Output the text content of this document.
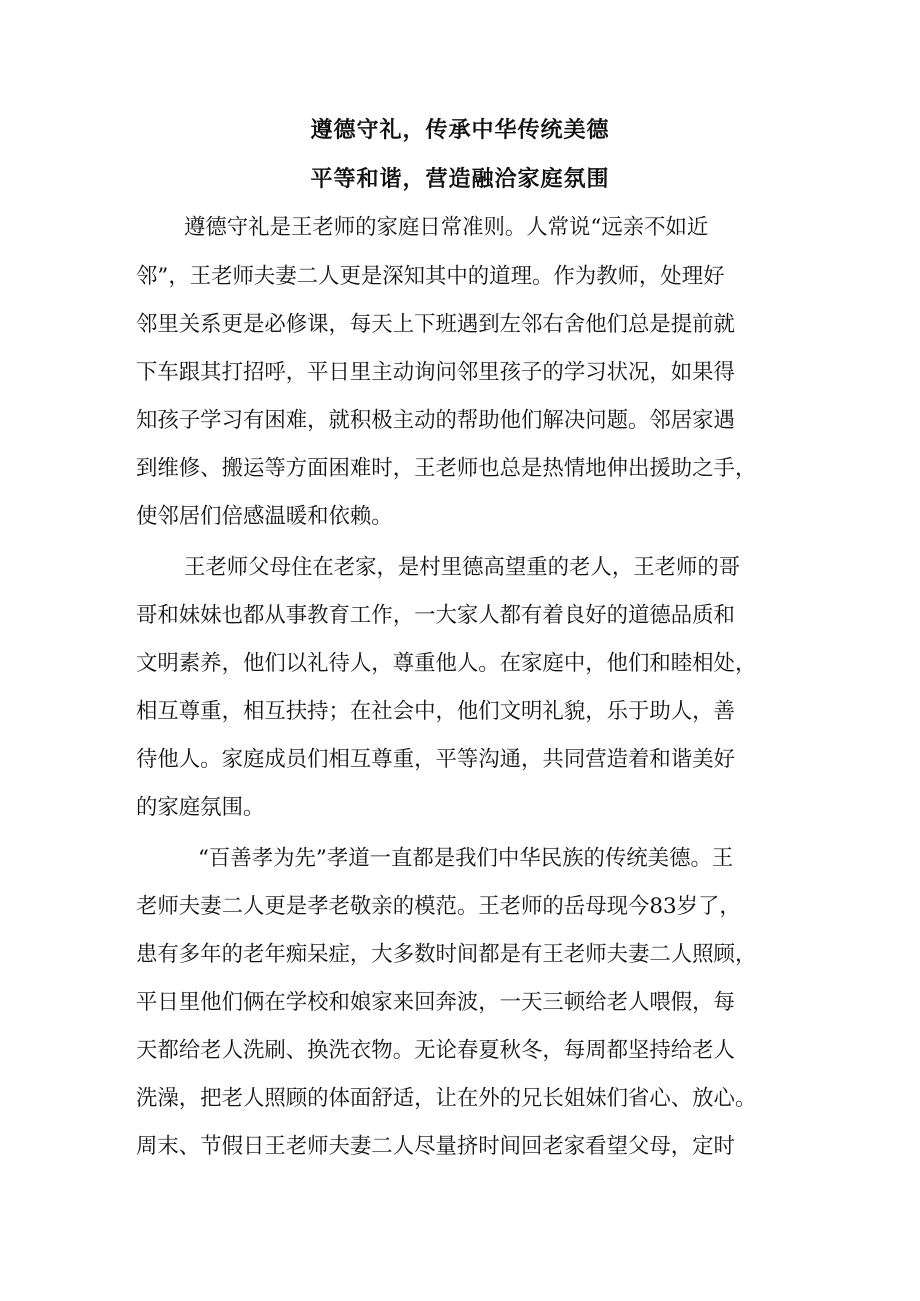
遵德守礼，传承中华传统美德
平等和谐，营造融洽家庭氛围
遵德守礼是王老师的家庭日常准则。人常说“远亲不如近
邻”，王老师夫妻二人更是深知其中的道理。作为教师，处理好
邻里关系更是必修课，每天上下班遇到左邻右舍他们总是提前就
下车跟其打招呼，平日里主动询问邻里孩子的学习状况，如果得
知孩子学习有困难，就积极主动的帮助他们解决问题。邻居家遇
到维修、搬运等方面困难时，王老师也总是热情地伸出援助之手，
使邻居们倍感温暖和依赖。
王老师父母住在老家，是村里德高望重的老人，王老师的哥
哥和妹妹也都从事教育工作，一大家人都有着良好的道德品质和
文明素养，他们以礼待人，尊重他人。在家庭中，他们和睦相处，
相互尊重，相互扶持；在社会中，他们文明礼貌，乐于助人，善
待他人。家庭成员们相互尊重，平等沟通，共同营造着和谐美好
的家庭氛围。
“百善孝为先”孝道一直都是我们中华民族的传统美德。王
老师夫妻二人更是孝老敬亲的模范。王老师的岳母现今83岁了，
患有多年的老年痴呆症，大多数时间都是有王老师夫妻二人照顾，
平日里他们俩在学校和娘家来回奔波，一天三顿给老人喂假，每
天都给老人洗刷、换洗衣物。无论春夏秋冬，每周都坚持给老人
洗澡，把老人照顾的体面舒适，让在外的兄长姐妹们省心、放心。
周末、节假日王老师夫妻二人尽量挤时间回老家看望父母，定时
